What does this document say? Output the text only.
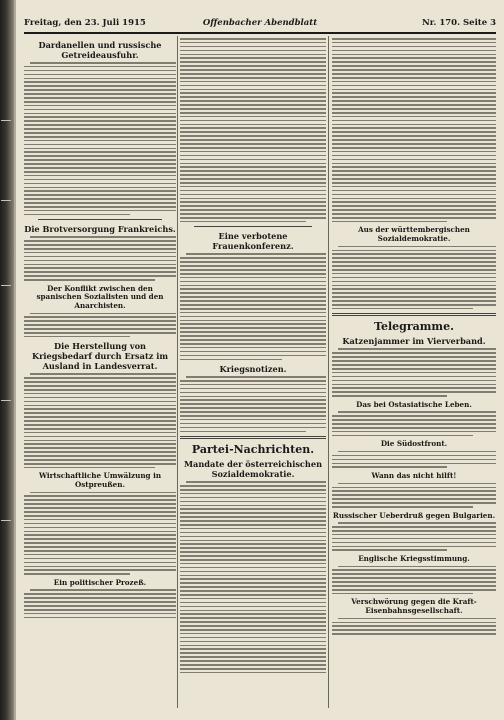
Freitag, den 23. Juli 1915	Offenbacher Abendblatt	Nr. 170. Seite 3
Dardanellen und russische Getreideausfuhr.
Die Brotversorgung Frankreichs.
Der Konflikt zwischen den spanischen Sozialisten und den Anarchisten.
Die Herstellung von Kriegsbedarf durch Ersatz im Ausland in Landesverrat.
Wirtschaftliche Umwälzung in Ostpreußen.
Ein politischer Prozeß.
Eine verbotene Frauenkonferenz.
Kriegsnotizen.
Partei-Nachrichten.
Mandate der österreichischen Sozialdemokratie.
Aus der württembergischen Sozialdemokratie.
Telegramme.
Katzenjammer im Vierverband.
Das bei Ostasiatische Leben.
Die Südostfront.
Wann das nicht hilft!
Russischer Ueberdruß gegen Bulgarien.
Englische Kriegsstimmung.
Verschwörung gegen die Kraft-Eisenbahnsgesellschaft.
